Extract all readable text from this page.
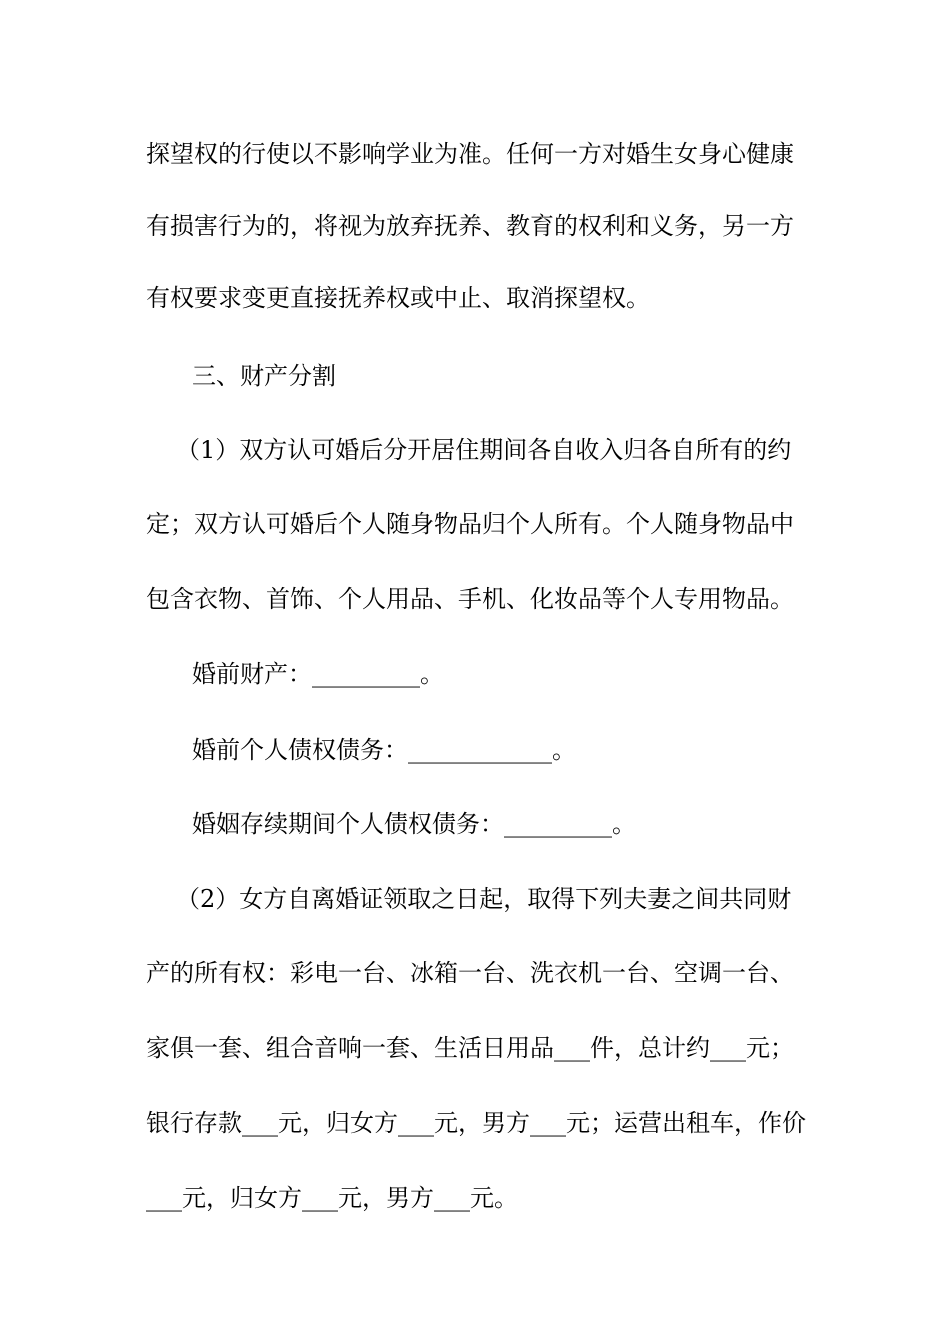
探望权的行使以不影响学业为准。任何一方对婚生女身心健康
有损害行为的，将视为放弃抚养、教育的权利和义务，另一方
有权要求变更直接抚养权或中止、取消探望权。
三、财产分割
（1）双方认可婚后分开居住期间各自收入归各自所有的约
定；双方认可婚后个人随身物品归个人所有。个人随身物品中
包含衣物、首饰、个人用品、手机、化妆品等个人专用物品。
婚前财产：_________。
婚前个人债权债务：____________。
婚姻存续期间个人债权债务：_________。
（2）女方自离婚证领取之日起，取得下列夫妻之间共同财
产的所有权：彩电一台、冰箱一台、洗衣机一台、空调一台、
家俱一套、组合音响一套、生活日用品___件，总计约___元；
银行存款___元，归女方___元，男方___元；运营出租车，作价
___元，归女方___元，男方___元。
